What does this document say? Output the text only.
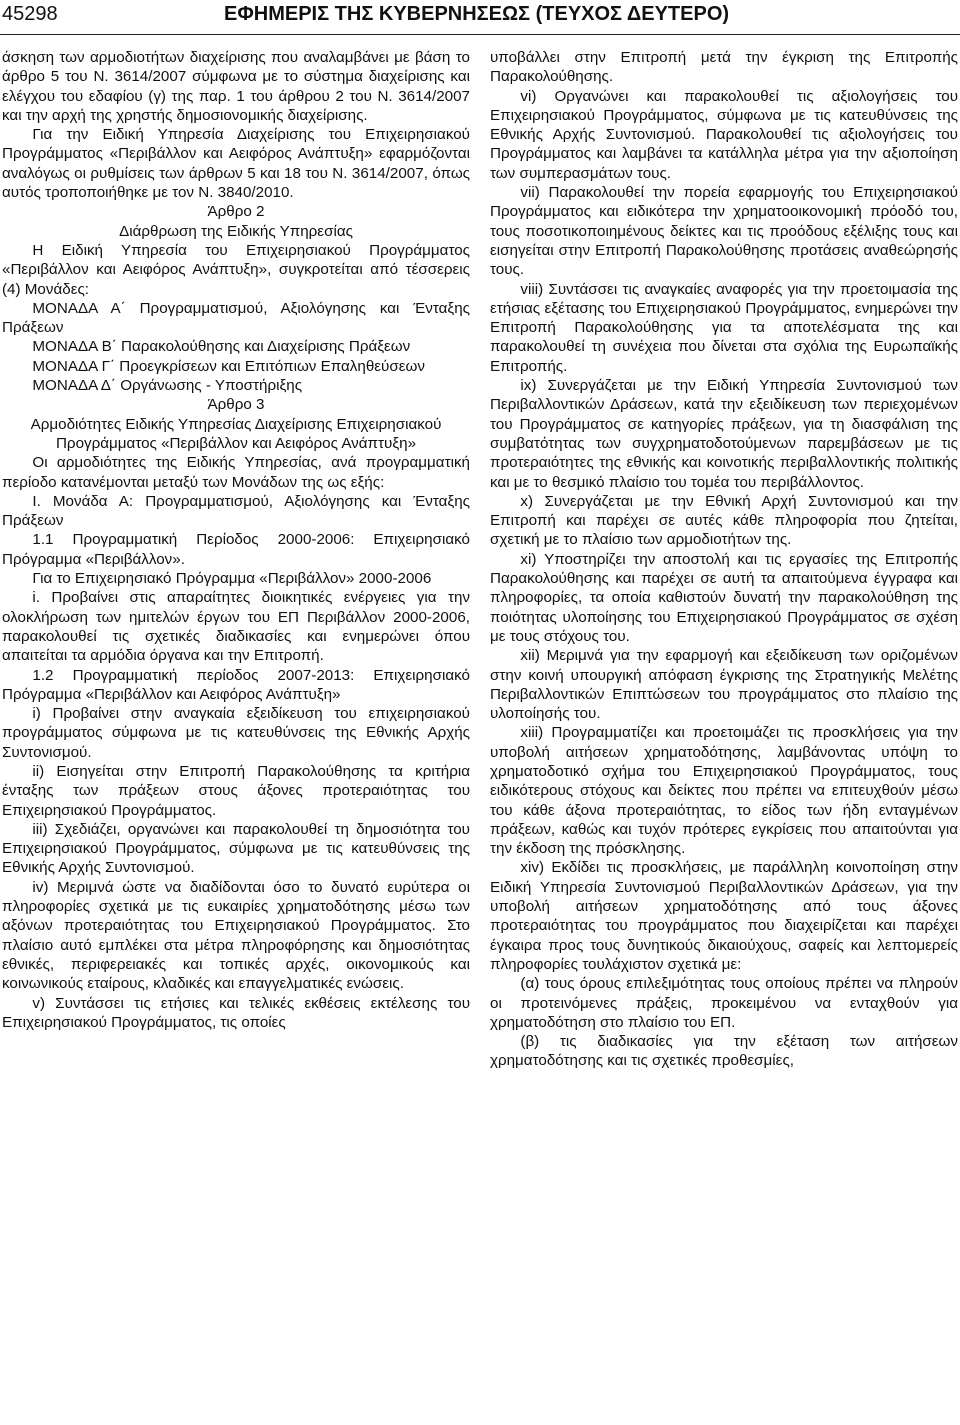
45298	ΕΦΗΜΕΡΙΣ ΤΗΣ ΚΥΒΕΡΝΗΣΕΩΣ (ΤΕΥΧΟΣ ΔΕΥΤΕΡΟ)

άσκηση των αρμοδιοτήτων διαχείρισης που αναλαμβάνει με βάση το άρθρο 5 του Ν. 3614/2007 σύμφωνα με το σύστημα διαχείρισης και ελέγχου του εδαφίου (γ) της παρ. 1 του άρθρου 2 του Ν. 3614/2007 και την αρχή της χρηστής δημοσιονομικής διαχείρισης.

Για την Ειδική Υπηρεσία Διαχείρισης του Επιχειρησιακού Προγράμματος «Περιβάλλον και Αειφόρος Ανάπτυξη» εφαρμόζονται αναλόγως οι ρυθμίσεις των άρθρων 5 και 18 του Ν. 3614/2007, όπως αυτός τροποποιήθηκε με τον Ν. 3840/2010.

Άρθρο 2

Διάρθρωση της Ειδικής Υπηρεσίας

Η Ειδική Υπηρεσία του Επιχειρησιακού Προγράμματος «Περιβάλλον και Αειφόρος Ανάπτυξη», συγκροτείται από τέσσερεις (4) Μονάδες:

ΜΟΝΑΔΑ Α΄ Προγραμματισμού, Αξιολόγησης και Ένταξης Πράξεων

ΜΟΝΑΔΑ Β΄ Παρακολούθησης και Διαχείρισης Πράξεων

ΜΟΝΑΔΑ Γ΄ Προεγκρίσεων και Επιτόπιων Επαληθεύσεων

ΜΟΝΑΔΑ Δ΄ Οργάνωσης - Υποστήριξης

Άρθρο 3

Αρμοδιότητες Ειδικής Υπηρεσίας Διαχείρισης Επιχειρησιακού Προγράμματος «Περιβάλλον και Αειφόρος Ανάπτυξη»

Οι αρμοδιότητες της Ειδικής Υπηρεσίας, ανά προγραμματική περίοδο κατανέμονται μεταξύ των Μονάδων της ως εξής:

Ι. Μονάδα Α: Προγραμματισμού, Αξιολόγησης και Ένταξης Πράξεων

1.1 Προγραμματική Περίοδος 2000-2006: Επιχειρησιακό Πρόγραμμα «Περιβάλλον».

Για το Επιχειρησιακό Πρόγραμμα «Περιβάλλον» 2000-2006

i. Προβαίνει στις απαραίτητες διοικητικές ενέργειες για την ολοκλήρωση των ημιτελών έργων του ΕΠ Περιβάλλον 2000-2006, παρακολουθεί τις σχετικές διαδικασίες και ενημερώνει όπου απαιτείται τα αρμόδια όργανα και την Επιτροπή.

1.2 Προγραμματική περίοδος 2007-2013: Επιχειρησιακό Πρόγραμμα «Περιβάλλον και Αειφόρος Ανάπτυξη»

i) Προβαίνει στην αναγκαία εξειδίκευση του επιχειρησιακού προγράμματος σύμφωνα με τις κατευθύνσεις της Εθνικής Αρχής Συντονισμού.

ii) Εισηγείται στην Επιτροπή Παρακολούθησης τα κριτήρια ένταξης των πράξεων στους άξονες προτεραιότητας του Επιχειρησιακού Προγράμματος.

iii) Σχεδιάζει, οργανώνει και παρακολουθεί τη δημοσιότητα του Επιχειρησιακού Προγράμματος, σύμφωνα με τις κατευθύνσεις της Εθνικής Αρχής Συντονισμού.

iv) Μεριμνά ώστε να διαδίδονται όσο το δυνατό ευρύτερα οι πληροφορίες σχετικά με τις ευκαιρίες χρηματοδότησης μέσω των αξόνων προτεραιότητας του Επιχειρησιακού Προγράμματος. Στο πλαίσιο αυτό εμπλέκει στα μέτρα πληροφόρησης και δημοσιότητας εθνικές, περιφερειακές και τοπικές αρχές, οικονομικούς και κοινωνικούς εταίρους, κλαδικές και επαγγελματικές ενώσεις.

v) Συντάσσει τις ετήσιες και τελικές εκθέσεις εκτέλεσης του Επιχειρησιακού Προγράμματος, τις οποίες

υποβάλλει στην Επιτροπή μετά την έγκριση της Επιτροπής Παρακολούθησης.

vi) Οργανώνει και παρακολουθεί τις αξιολογήσεις του Επιχειρησιακού Προγράμματος, σύμφωνα με τις κατευθύνσεις της Εθνικής Αρχής Συντονισμού. Παρακολουθεί τις αξιολογήσεις του Προγράμματος και λαμβάνει τα κατάλληλα μέτρα για την αξιοποίηση των συμπερασμάτων τους.

vii) Παρακολουθεί την πορεία εφαρμογής του Επιχειρησιακού Προγράμματος και ειδικότερα την χρηματοοικονομική πρόοδό του, τους ποσοτικοποιημένους δείκτες και τις προόδους εξέλιξης τους και εισηγείται στην Επιτροπή Παρακολούθησης προτάσεις αναθεώρησής τους.

viii) Συντάσσει τις αναγκαίες αναφορές για την προετοιμασία της ετήσιας εξέτασης του Επιχειρησιακού Προγράμματος, ενημερώνει την Επιτροπή Παρακολούθησης για τα αποτελέσματα της και παρακολουθεί τη συνέχεια που δίνεται στα σχόλια της Ευρωπαϊκής Επιτροπής.

ix) Συνεργάζεται με την Ειδική Υπηρεσία Συντονισμού των Περιβαλλοντικών Δράσεων, κατά την εξειδίκευση των περιεχομένων του Προγράμματος σε κατηγορίες πράξεων, για τη διασφάλιση της συμβατότητας των συγχρηματοδοτούμενων παρεμβάσεων με τις προτεραιότητες της εθνικής και κοινοτικής περιβαλλοντικής πολιτικής και με το θεσμικό πλαίσιο του τομέα του περιβάλλοντος.

x) Συνεργάζεται με την Εθνική Αρχή Συντονισμού και την Επιτροπή και παρέχει σε αυτές κάθε πληροφορία που ζητείται, σχετική με το πλαίσιο των αρμοδιοτήτων της.

xi) Υποστηρίζει την αποστολή και τις εργασίες της Επιτροπής Παρακολούθησης και παρέχει σε αυτή τα απαιτούμενα έγγραφα και πληροφορίες, τα οποία καθιστούν δυνατή την παρακολούθηση της ποιότητας υλοποίησης του Επιχειρησιακού Προγράμματος σε σχέση με τους στόχους του.

xii) Μεριμνά για την εφαρμογή και εξειδίκευση των οριζομένων στην κοινή υπουργική απόφαση έγκρισης της Στρατηγικής Μελέτης Περιβαλλοντικών Επιπτώσεων του προγράμματος στο πλαίσιο της υλοποίησής του.

xiii) Προγραμματίζει και προετοιμάζει τις προσκλήσεις για την υποβολή αιτήσεων χρηματοδότησης, λαμβάνοντας υπόψη το χρηματοδοτικό σχήμα του Επιχειρησιακού Προγράμματος, τους ειδικότερους στόχους και δείκτες που πρέπει να επιτευχθούν μέσω του κάθε άξονα προτεραιότητας, το είδος των ήδη ενταγμένων πράξεων, καθώς και τυχόν πρότερες εγκρίσεις που απαιτούνται για την έκδοση της πρόσκλησης.

xiv) Εκδίδει τις προσκλήσεις, με παράλληλη κοινοποίηση στην Ειδική Υπηρεσία Συντονισμού Περιβαλλοντικών Δράσεων, για την υποβολή αιτήσεων χρηματοδότησης από τους άξονες προτεραιότητας του προγράμματος που διαχειρίζεται και παρέχει έγκαιρα προς τους δυνητικούς δικαιούχους, σαφείς και λεπτομερείς πληροφορίες τουλάχιστον σχετικά με:

(α) τους όρους επιλεξιμότητας τους οποίους πρέπει να πληρούν οι προτεινόμενες πράξεις, προκειμένου να ενταχθούν για χρηματοδότηση στο πλαίσιο του ΕΠ.

(β) τις διαδικασίες για την εξέταση των αιτήσεων χρηματοδότησης και τις σχετικές προθεσμίες,
